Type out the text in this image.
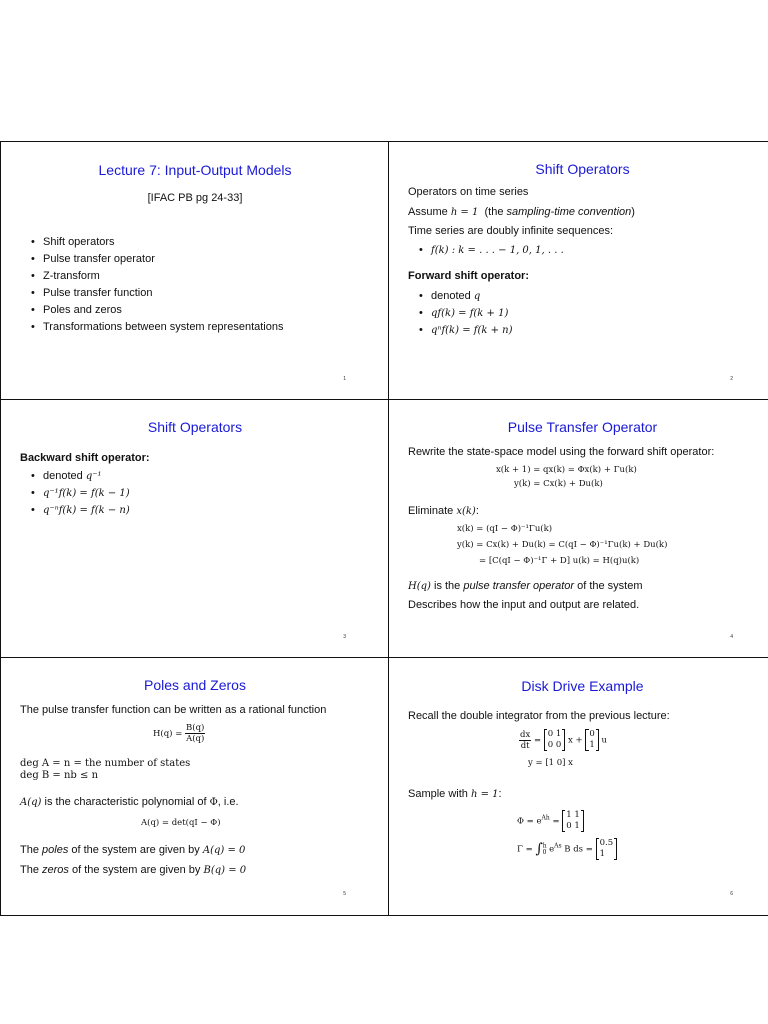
Lecture 7: Input-Output Models
[IFAC PB pg 24-33]
• Shift operators
• Pulse transfer operator
• Z-transform
• Pulse transfer function
• Poles and zeros
• Transformations between system representations
1
Shift Operators
Operators on time series
Assume h = 1 (the sampling-time convention)
Time series are doubly infinite sequences:
• f(k) : k = . . . − 1, 0, 1, . . .
Forward shift operator:
• denoted q
• qf(k) = f(k + 1)
• qⁿf(k) = f(k + n)
2
Shift Operators
Backward shift operator:
• denoted q⁻¹
• q⁻¹f(k) = f(k − 1)
• q⁻ⁿf(k) = f(k − n)
3
Pulse Transfer Operator
Rewrite the state-space model using the forward shift operator:
x(k + 1) = qx(k) = Φx(k) + Γu(k)
y(k) = Cx(k) + Du(k)
Eliminate x(k):
x(k) = (qI − Φ)⁻¹Γu(k)
y(k) = Cx(k) + Du(k) = C(qI − Φ)⁻¹Γu(k) + Du(k)
= [C(qI − Φ)⁻¹Γ + D] u(k) = H(q)u(k)
H(q) is the pulse transfer operator of the system
Describes how the input and output are related.
4
Poles and Zeros
The pulse transfer function can be written as a rational function
$H(q) = \frac{B(q)}{A(q)}$
deg A = n = the number of states
deg B = nb ≤ n
A(q) is the characteristic polynomial of Φ, i.e.
A(q) = det(qI − Φ)
The poles of the system are given by A(q) = 0
The zeros of the system are given by B(q) = 0
5
Disk Drive Example
Recall the double integrator from the previous lecture:
$\frac{dx}{dt}$ =
0 1
0 0 x +
0
1 u
y = [1 0] x
Sample with h = 1:
$\Phi = e^{Ah}$ =
1 1
0 1
Γ = ∫$^h_0$ $e^{As}$ B ds =
0.5
1
6
